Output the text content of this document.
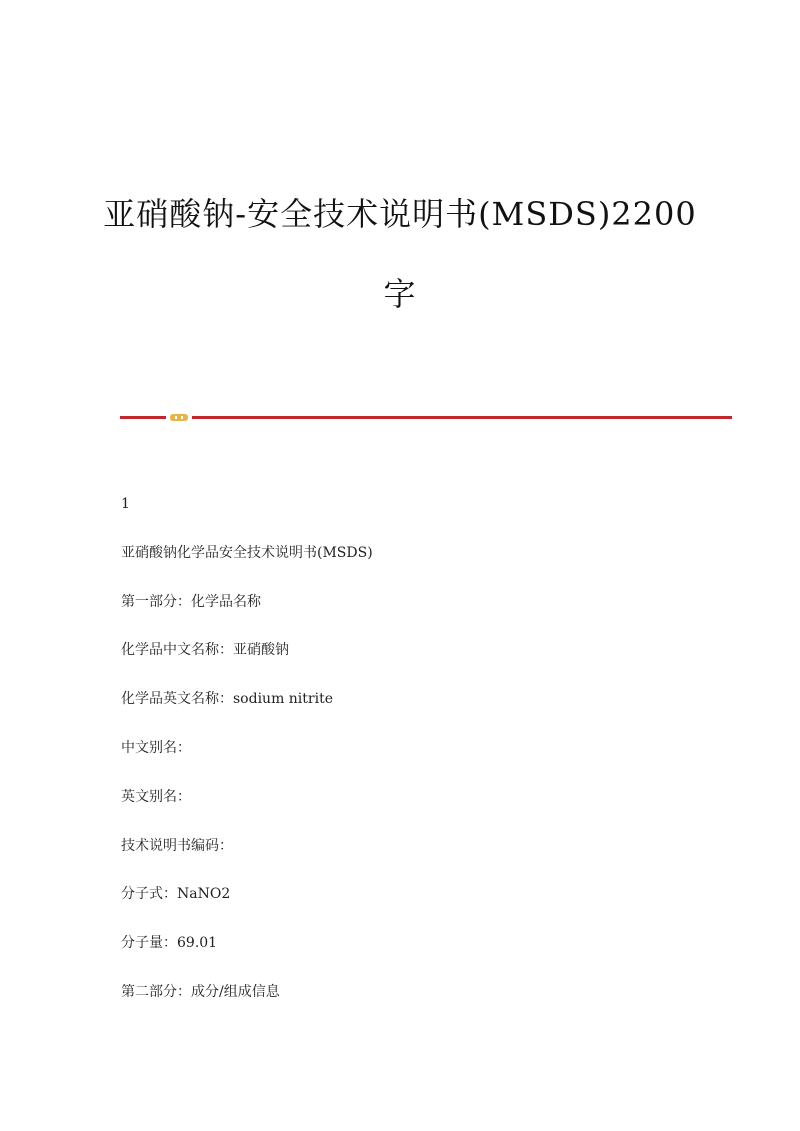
亚硝酸钠-安全技术说明书(MSDS)2200
字
1
亚硝酸钠化学品安全技术说明书(MSDS)
第一部分：化学品名称
化学品中文名称：亚硝酸钠
化学品英文名称：sodium nitrite
中文别名：
英文别名：
技术说明书编码：
分子式：NaNO2
分子量：69.01
第二部分：成分/组成信息
